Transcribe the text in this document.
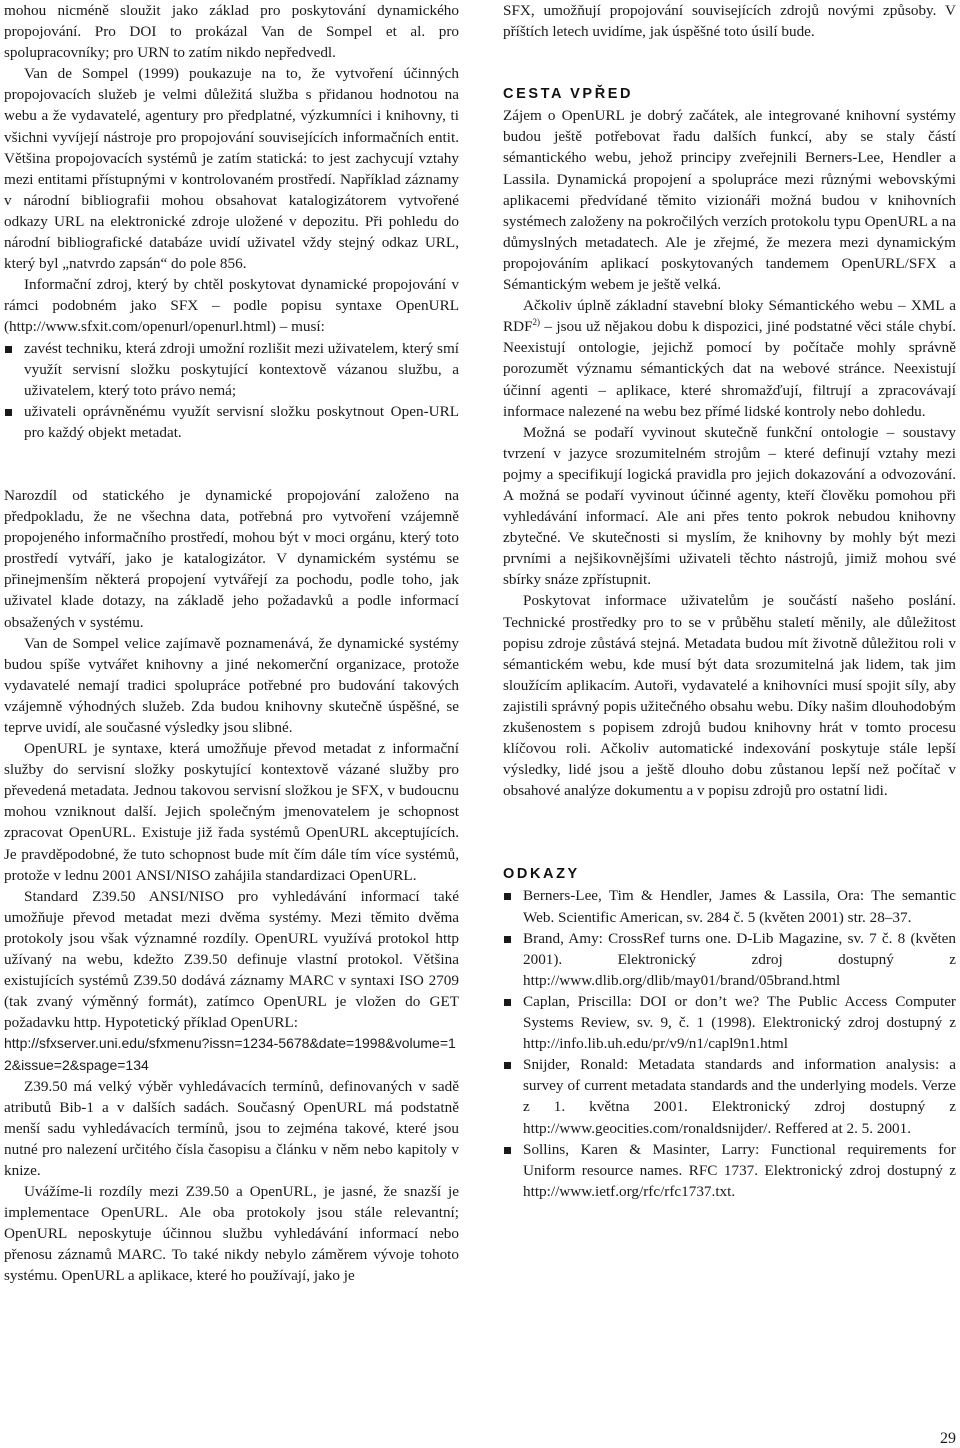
mohou nicméně sloužit jako základ pro poskytování dynamického propojování. Pro DOI to prokázal Van de Sompel et al. pro spolupracovníky; pro URN to zatím nikdo nepředvedl.

Van de Sompel (1999) poukazuje na to, že vytvoření účinných propojovacích služeb je velmi důležitá služba s přidanou hodnotou na webu a že vydavatelé, agentury pro předplatné, výzkumníci i knihovny, ti všichni vyvíjejí nástroje pro propojování souvisejících informačních entit. Většina propojovacích systémů je zatím statická: to jest zachycují vztahy mezi entitami přístupnými v kontrolovaném prostředí. Například záznamy v národní bibliografii mohou obsahovat katalogizátorem vytvořené odkazy URL na elektronické zdroje uložené v depozitu. Při pohledu do národní bibliografické databáze uvidí uživatel vždy stejný odkaz URL, který byl „natvrdo zapsán“ do pole 856.

Informační zdroj, který by chtěl poskytovat dynamické propojování v rámci podobném jako SFX – podle popisu syntaxe OpenURL (http://www.sfxit.com/openurl/openurl.html) – musí:

zavést techniku, která zdroji umožní rozlišit mezi uživatelem, který smí využít servisní složku poskytující kontextově vázanou službu, a uživatelem, který toto právo nemá;
uživateli oprávněnému využít servisní složku poskytnout Open-URL pro každý objekt metadat.

Narozdíl od statického je dynamické propojování založeno na předpokladu, že ne všechna data, potřebná pro vytvoření vzájemně propojeného informačního prostředí, mohou být v moci orgánu, který toto prostředí vytváří, jako je katalogizátor. V dynamickém systému se přinejmenším některá propojení vytvářejí za pochodu, podle toho, jak uživatel klade dotazy, na základě jeho požadavků a podle informací obsažených v systému.

Van de Sompel velice zajímavě poznamenává, že dynamické systémy budou spíše vytvářet knihovny a jiné nekomerční organizace, protože vydavatelé nemají tradici spolupráce potřebné pro budování takových vzájemně výhodných služeb. Zda budou knihovny skutečně úspěšné, se teprve uvidí, ale současné výsledky jsou slibné.

OpenURL je syntaxe, která umožňuje převod metadat z informační služby do servisní složky poskytující kontextově vázané služby pro převedená metadata. Jednou takovou servisní složkou je SFX, v budoucnu mohou vzniknout další. Jejich společným jmenovatelem je schopnost zpracovat OpenURL. Existuje již řada systémů OpenURL akceptujících. Je pravděpodobné, že tuto schopnost bude mít čím dále tím více systémů, protože v lednu 2001 ANSI/NISO zahájila standardizaci OpenURL.

Standard Z39.50 ANSI/NISO pro vyhledávání informací také umožňuje převod metadat mezi dvěma systémy. Mezi těmito dvěma protokoly jsou však významné rozdíly. OpenURL využívá protokol http užívaný na webu, kdežto Z39.50 definuje vlastní protokol. Většina existujících systémů Z39.50 dodává záznamy MARC v syntaxi ISO 2709 (tak zvaný výměnný formát), zatímco OpenURL je vložen do GET požadavku http. Hypotetický příklad OpenURL:

http://sfxserver.uni.edu/sfxmenu?issn=1234-5678&date=1998&volume=12&issue=2&spage=134

Z39.50 má velký výběr vyhledávacích termínů, definovaných v sadě atributů Bib-1 a v dalších sadách. Současný OpenURL má podstatně menší sadu vyhledávacích termínů, jsou to zejména takové, které jsou nutné pro nalezení určitého čísla časopisu a článku v něm nebo kapitoly v knize.

Uvážíme-li rozdíly mezi Z39.50 a OpenURL, je jasné, že snazší je implementace OpenURL. Ale oba protokoly jsou stále relevantní; OpenURL neposkytuje účinnou službu vyhledávání informací nebo přenosu záznamů MARC. To také nikdy nebylo záměrem vývoje tohoto systému. OpenURL a aplikace, které ho používají, jako je

SFX, umožňují propojování souvisejících zdrojů novými způsoby. V příštích letech uvidíme, jak úspěšné toto úsilí bude.

CESTA VPŘED

Zájem o OpenURL je dobrý začátek, ale integrované knihovní systémy budou ještě potřebovat řadu dalších funkcí, aby se staly částí sémantického webu, jehož principy zveřejnili Berners-Lee, Hendler a Lassila. Dynamická propojení a spolupráce mezi různými webovskými aplikacemi předvídané těmito vizionáři možná budou v knihovních systémech založeny na pokročilých verzích protokolu typu OpenURL a na důmyslných metadatech. Ale je zřejmé, že mezera mezi dynamickým propojováním aplikací poskytovaných tandemem OpenURL/SFX a Sémantickým webem je ještě velká.

Ačkoliv úplně základní stavební bloky Sémantického webu – XML a RDF$^{2)}$ – jsou už nějakou dobu k dispozici, jiné podstatné věci stále chybí. Neexistují ontologie, jejichž pomocí by počítače mohly správně porozumět významu sémantických dat na webové stránce. Neexistují účinní agenti – aplikace, které shromažďují, filtrují a zpracovávají informace nalezené na webu bez přímé lidské kontroly nebo dohledu.

Možná se podaří vyvinout skutečně funkční ontologie – soustavy tvrzení v jazyce srozumitelném strojům – které definují vztahy mezi pojmy a specifikují logická pravidla pro jejich dokazování a odvozování. A možná se podaří vyvinout účinné agenty, kteří člověku pomohou při vyhledávání informací. Ale ani přes tento pokrok nebudou knihovny zbytečné. Ve skutečnosti si myslím, že knihovny by mohly být mezi prvními a nejšikovnějšími uživateli těchto nástrojů, jimiž mohou své sbírky snáze zpřístupnit.

Poskytovat informace uživatelům je součástí našeho poslání. Technické prostředky pro to se v průběhu staletí měnily, ale důležitost popisu zdroje zůstává stejná. Metadata budou mít životně důležitou roli v sémantickém webu, kde musí být data srozumitelná jak lidem, tak jim sloužícím aplikacím. Autoři, vydavatelé a knihovníci musí spojit síly, aby zajistili správný popis užitečného obsahu webu. Díky našim dlouhodobým zkušenostem s popisem zdrojů budou knihovny hrát v tomto procesu klíčovou roli. Ačkoliv automatické indexování poskytuje stále lepší výsledky, lidé jsou a ještě dlouho dobu zůstanou lepší než počítač v obsahové analýze dokumentu a v popisu zdrojů pro ostatní lidi.

ODKAZY
Berners-Lee, Tim & Hendler, James & Lassila, Ora: The semantic Web. Scientific American, sv. 284 č. 5 (květen 2001) str. 28–37.
Brand, Amy: CrossRef turns one. D-Lib Magazine, sv. 7 č. 8 (květen 2001). Elektronický zdroj dostupný z http://www.dlib.org/dlib/may01/brand/05brand.html
Caplan, Priscilla: DOI or don’t we? The Public Access Computer Systems Review, sv. 9, č. 1 (1998). Elektronický zdroj dostupný z http://info.lib.uh.edu/pr/v9/n1/capl9n1.html
Snijder, Ronald: Metadata standards and information analysis: a survey of current metadata standards and the underlying models. Verze z 1. května 2001. Elektronický zdroj dostupný z http://www.geocities.com/ronaldsnijder/. Reffered at 2. 5. 2001.
Sollins, Karen & Masinter, Larry: Functional requirements for Uniform resource names. RFC 1737. Elektronický zdroj dostupný z http://www.ietf.org/rfc/rfc1737.txt.
29
